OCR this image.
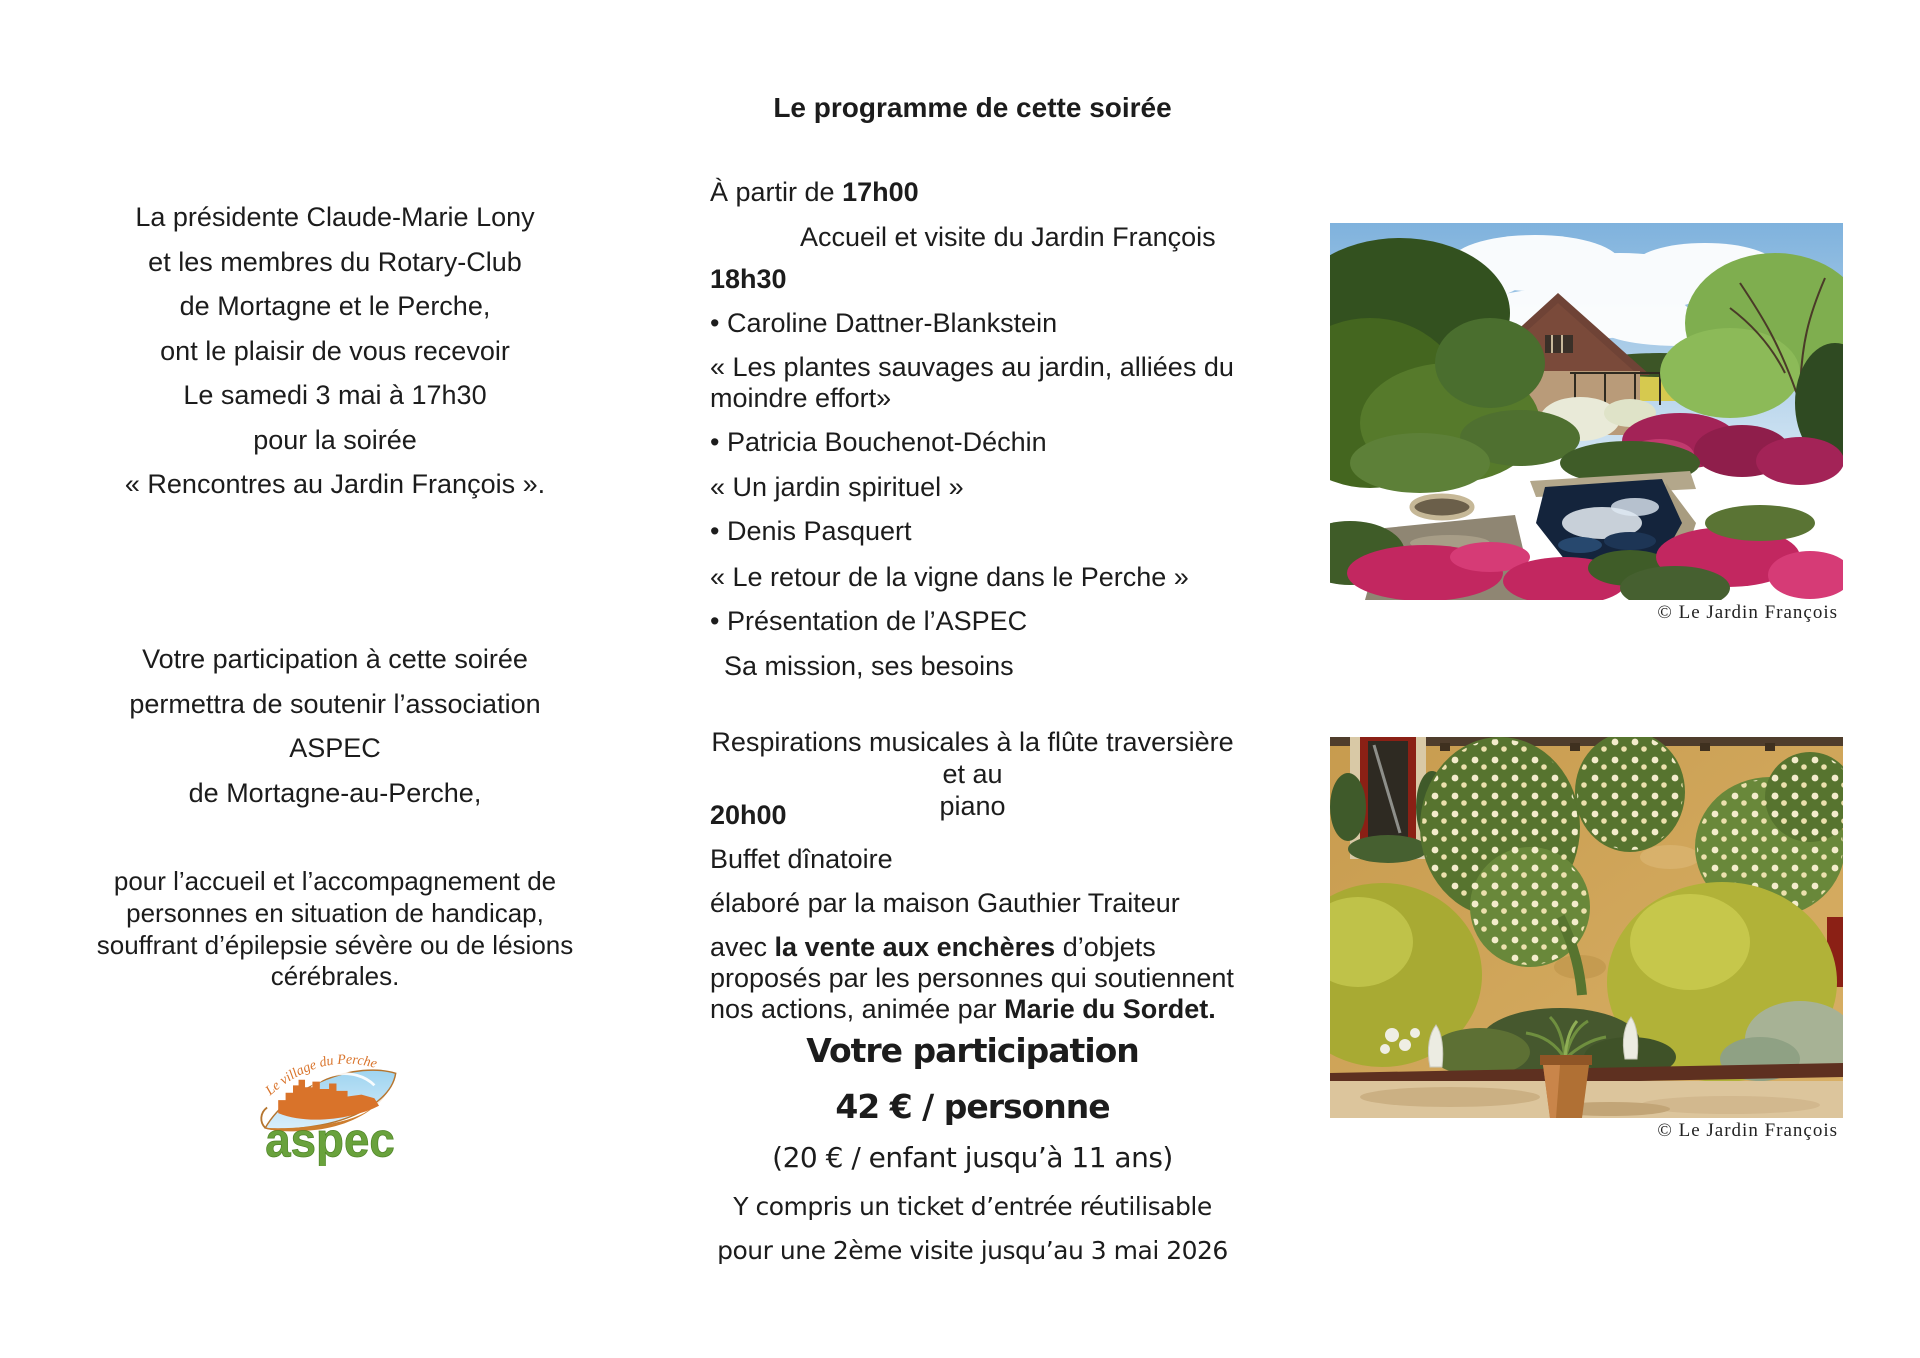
Le programme de cette soirée
La présidente Claude-Marie Lony
et les membres du Rotary-Club
de Mortagne et le Perche,
ont le plaisir de vous recevoir
Le samedi 3 mai à 17h30
pour la soirée
« Rencontres au Jardin François ».
Votre participation à cette soirée
permettra de soutenir l’association
ASPEC
de Mortagne-au-Perche,
pour l’accueil et l’accompagnement de
personnes en situation de handicap,
souffrant d’épilepsie sévère ou de lésions
cérébrales.
Le village du Perche
aspec
À partir de 17h00
Accueil et visite du Jardin François
18h30
• Caroline Dattner-Blankstein
« Les plantes sauvages au jardin, alliées du
moindre effort»
• Patricia Bouchenot-Déchin
« Un jardin spirituel »
• Denis Pasquert
« Le retour de la vigne dans le Perche »
• Présentation de l’ASPEC
Sa mission, ses besoins
Respirations musicales à la flûte traversière et au
piano
20h00
Buffet dînatoire
élaboré par la maison Gauthier Traiteur
avec la vente aux enchères d’objets proposés par les personnes qui soutiennent nos actions, animée par Marie du Sordet.
Votre participation
42 € / personne
(20 € / enfant jusqu’à 11 ans)
Y compris un ticket d’entrée réutilisable
pour une 2ème visite jusqu’au 3 mai 2026
© Le Jardin François
© Le Jardin François
